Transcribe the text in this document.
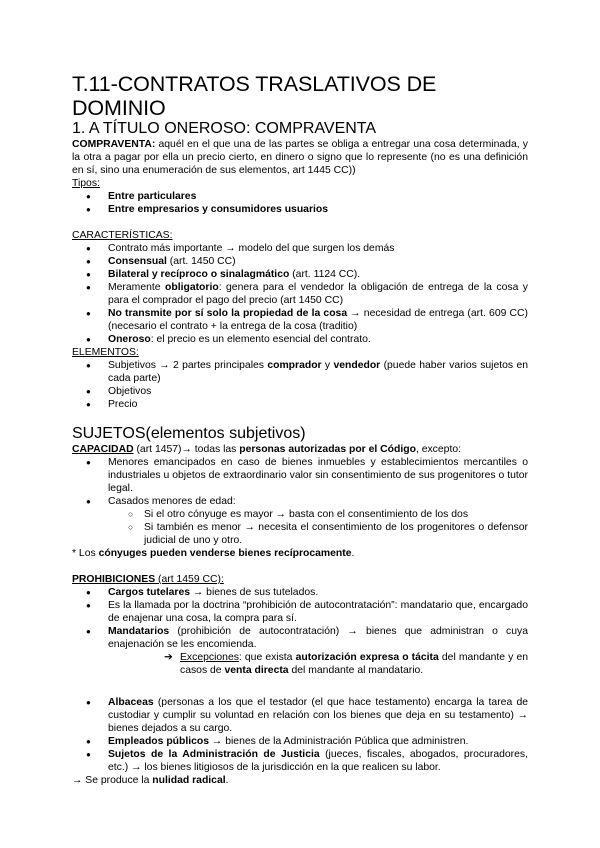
T.11-CONTRATOS TRASLATIVOS DE DOMINIO
1. A TÍTULO ONEROSO: COMPRAVENTA

COMPRAVENTA: aquél en el que una de las partes se obliga a entregar una cosa determinada, y la otra a pagar por ella un precio cierto, en dinero o signo que lo represente (no es una definición en sí, sino una enumeración de sus elementos, art 1445 CC))

Tipos:
● Entre particulares
● Entre empresarios y consumidores usuarios
CARACTERÍSTICAS:
● Contrato más importante → modelo del que surgen los demás
● Consensual (art. 1450 CC)
● Bilateral y recíproco o sinalagmático (art. 1124 CC).
● Meramente obligatorio: genera para el vendedor la obligación de entrega de la cosa y para el comprador el pago del precio (art 1450 CC)
● No transmite por sí solo la propiedad de la cosa → necesidad de entrega (art. 609 CC) (necesario el contrato + la entrega de la cosa (traditio)
● Oneroso: el precio es un elemento esencial del contrato.
ELEMENTOS:
● Subjetivos → 2 partes principales comprador y vendedor (puede haber varios sujetos en cada parte)
● Objetivos
● Precio
SUJETOS(elementos subjetivos)

CAPACIDAD (art 1457)→ todas las personas autorizadas por el Código, excepto:

● Menores emancipados en caso de bienes inmuebles y establecimientos mercantiles o industriales u objetos de extraordinario valor sin consentimiento de sus progenitores o tutor legal.
● Casados menores de edad:
○ Si el otro cónyuge es mayor → basta con el consentimiento de los dos
○ Si también es menor → necesita el consentimiento de los progenitores o defensor judicial de uno y otro.

* Los cónyuges pueden venderse bienes recíprocamente.

PROHIBICIONES (art 1459 CC):

● Cargos tutelares → bienes de sus tutelados.
● Es la llamada por la doctrina “prohibición de autocontratación”: mandatario que, encargado de enajenar una cosa, la compra para sí.
● Mandatarios (prohibición de autocontratación) → bienes que administran o cuya enajenación se les encomienda.
➔ Excepciones: que exista autorización expresa o tácita del mandante y en casos de venta directa del mandante al mandatario.
● Albaceas (personas a los que el testador (el que hace testamento) encarga la tarea de custodiar y cumplir su voluntad en relación con los bienes que deja en su testamento) → bienes dejados a su cargo.
● Empleados públicos → bienes de la Administración Pública que administren.
● Sujetos de la Administración de Justicia (jueces, fiscales, abogados, procuradores, etc.) → los bienes litigiosos de la jurisdicción en la que realicen su labor.

→ Se produce la nulidad radical.
